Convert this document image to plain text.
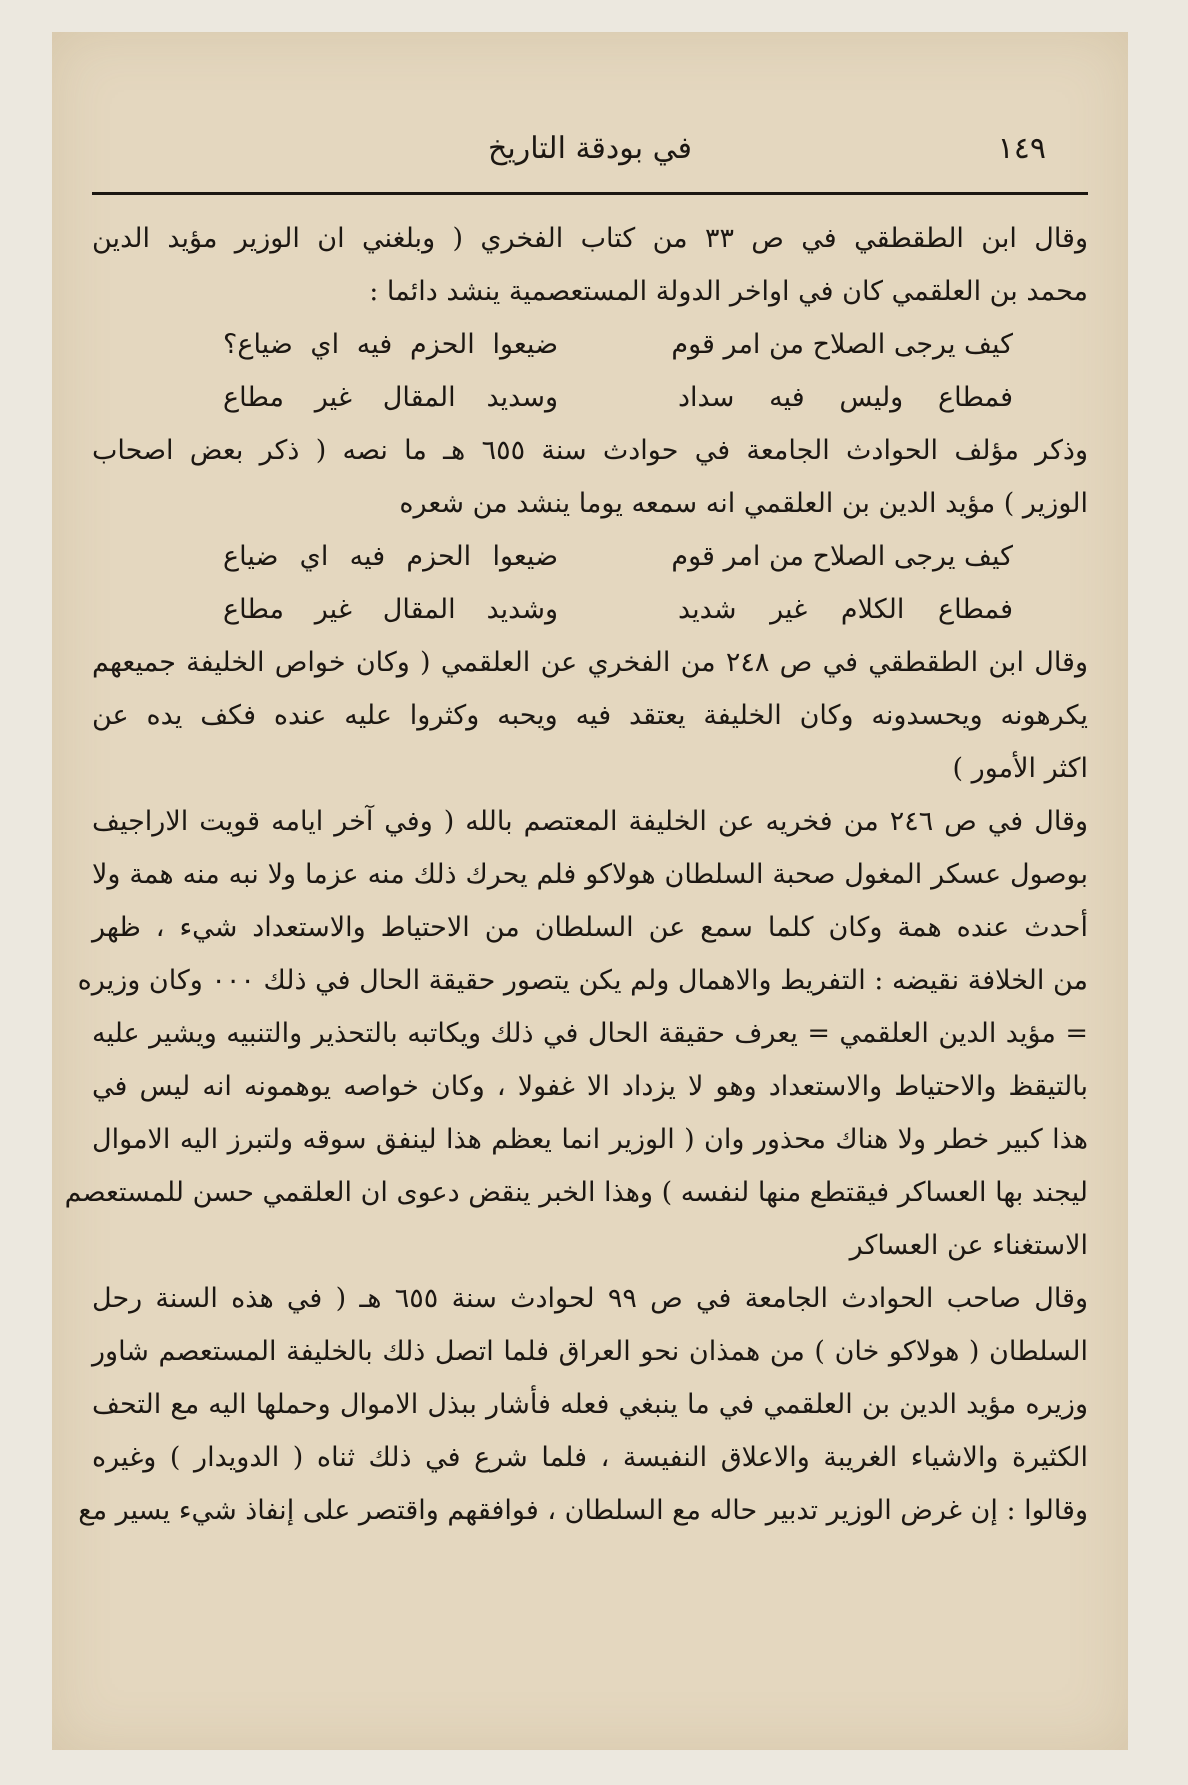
في بودقة التاريخ	١٤٩
وقال ابن الطقطقي في ص ٣٣ من كتاب الفخري ( وبلغني ان الوزير مؤيد الدين
محمد بن العلقمي كان في اواخر الدولة المستعصمية ينشد دائما :
كيف يرجى الصلاح من امر قوم
ضيعوا الحزم فيه اي ضياع؟
فمطاع وليس فيه سداد
وسديد المقال غير مطاع
وذكر مؤلف الحوادث الجامعة في حوادث سنة ٦٥٥ هـ ما نصه ( ذكر بعض اصحاب
الوزير ) مؤيد الدين بن العلقمي انه سمعه يوما ينشد من شعره
كيف يرجى الصلاح من امر قوم
ضيعوا الحزم فيه اي ضياع
فمطاع الكلام غير شديد
وشديد المقال غير مطاع
وقال ابن الطقطقي في ص ٢٤٨ من الفخري عن العلقمي ( وكان خواص الخليفة جميعهم
يكرهونه ويحسدونه وكان الخليفة يعتقد فيه ويحبه وكثروا عليه عنده فكف يده عن
اكثر الأمور )
وقال في ص ٢٤٦ من فخريه عن الخليفة المعتصم بالله ( وفي آخر ايامه قويت الاراجيف
بوصول عسكر المغول صحبة السلطان هولاكو فلم يحرك ذلك منه عزما ولا نبه منه همة ولا
أحدث عنده همة وكان كلما سمع عن السلطان من الاحتياط والاستعداد شيء ، ظهر
من الخلافة نقيضه : التفريط والاهمال ولم يكن يتصور حقيقة الحال في ذلك ٠٠٠ وكان وزيره
= مؤيد الدين العلقمي = يعرف حقيقة الحال في ذلك ويكاتبه بالتحذير والتنبيه ويشير عليه
بالتيقظ والاحتياط والاستعداد وهو لا يزداد الا غفولا ، وكان خواصه يوهمونه انه ليس في
هذا كبير خطر ولا هناك محذور وان ( الوزير انما يعظم هذا لينفق سوقه ولتبرز اليه الاموال
ليجند بها العساكر فيقتطع منها لنفسه ) وهذا الخبر ينقض دعوى ان العلقمي حسن للمستعصم
الاستغناء عن العساكر
وقال صاحب الحوادث الجامعة في ص ٩٩ لحوادث سنة ٦٥٥ هـ ( في هذه السنة رحل
السلطان ( هولاكو خان ) من همذان نحو العراق فلما اتصل ذلك بالخليفة المستعصم شاور
وزيره مؤيد الدين بن العلقمي في ما ينبغي فعله فأشار ببذل الاموال وحملها اليه مع التحف
الكثيرة والاشياء الغريبة والاعلاق النفيسة ، فلما شرع في ذلك ثناه ( الدويدار ) وغيره
وقالوا : إن غرض الوزير تدبير حاله مع السلطان ، فوافقهم واقتصر على إنفاذ شيء يسير مع
